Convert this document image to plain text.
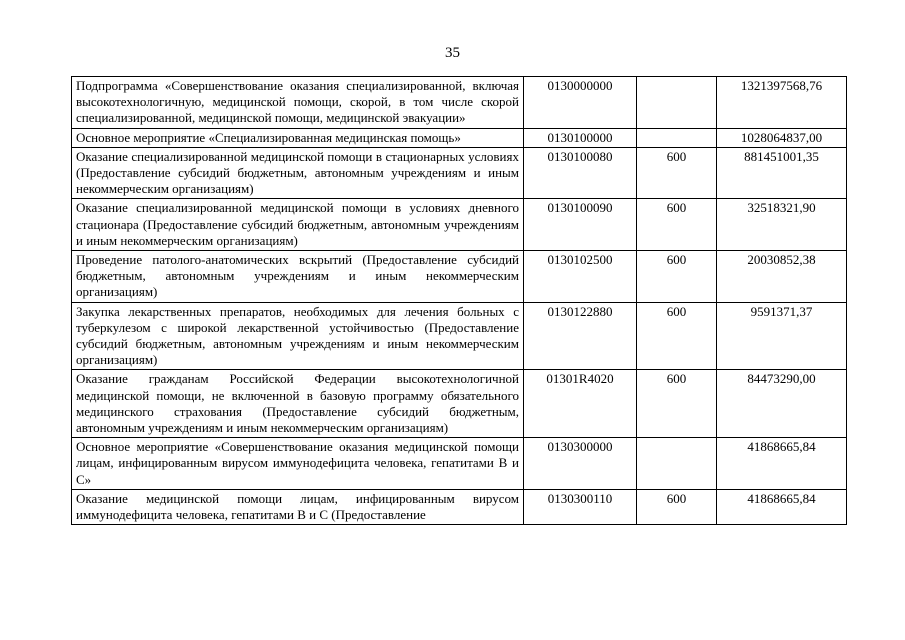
35
Подпрограмма «Совершенствование оказания специализированной, включая высокотехнологичную, медицинской помощи, скорой, в том числе скорой специализированной, медицинской помощи, медицинской эвакуации»	0130000000		1321397568,76
Основное мероприятие «Специализированная медицинская помощь»	0130100000		1028064837,00
Оказание специализированной медицинской помощи в стационарных условиях (Предоставление субсидий бюджетным, автономным учреждениям и иным некоммерческим организациям)	0130100080	600	881451001,35
Оказание специализированной медицинской помощи в условиях дневного стационара (Предоставление субсидий бюджетным, автономным учреждениям и иным некоммерческим организациям)	0130100090	600	32518321,90
Проведение патолого-анатомических вскрытий (Предоставление субсидий бюджетным, автономным учреждениям и иным некоммерческим организациям)	0130102500	600	20030852,38
Закупка лекарственных препаратов, необходимых для лечения больных с туберкулезом с широкой лекарственной устойчивостью (Предоставление субсидий бюджетным, автономным учреждениям и иным некоммерческим организациям)	0130122880	600	9591371,37
Оказание гражданам Российской Федерации высокотехнологичной медицинской помощи, не включенной в базовую программу обязательного медицинского страхования (Предоставление субсидий бюджетным, автономным учреждениям и иным некоммерческим организациям)	01301R4020	600	84473290,00
Основное мероприятие «Совершенствование оказания медицинской помощи лицам, инфицированным вирусом иммунодефицита человека, гепатитами B и C»	0130300000		41868665,84
Оказание медицинской помощи лицам, инфицированным вирусом иммунодефицита человека, гепатитами B и C (Предоставление	0130300110	600	41868665,84
